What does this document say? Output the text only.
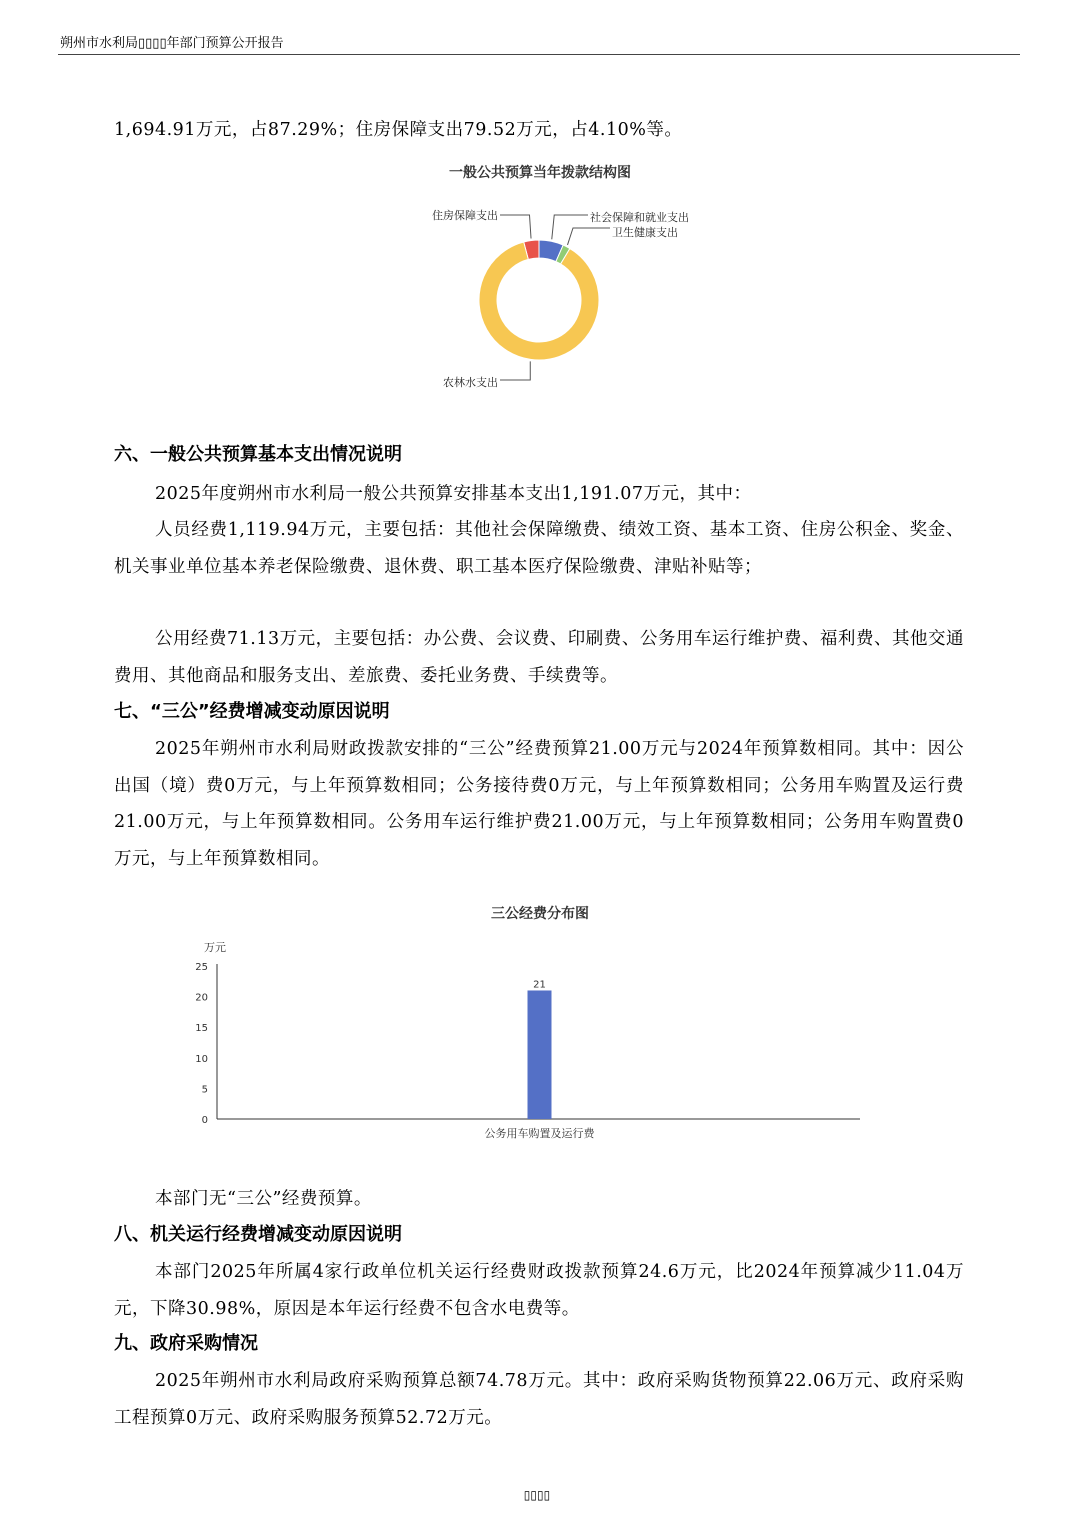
朔州市水利局▯▯▯▯年部门预算公开报告
1,694.91万元，占87.29%；住房保障支出79.52万元，占4.10%等。
一般公共预算当年拨款结构图
农林水支出
住房保障支出	社会保障和就业支出
卫生健康支出
六、一般公共预算基本支出情况说明
2025年度朔州市水利局一般公共预算安排基本支出1,191.07万元，其中：
人员经费1,119.94万元，主要包括：其他社会保障缴费、绩效工资、基本工资、住房公积金、奖金、机关事业单位基本养老保险缴费、退休费、职工基本医疗保险缴费、津贴补贴等；
公用经费71.13万元，主要包括：办公费、会议费、印刷费、公务用车运行维护费、福利费、其他交通费用、其他商品和服务支出、差旅费、委托业务费、手续费等。
七、“三公”经费增减变动原因说明
2025年朔州市水利局财政拨款安排的“三公”经费预算21.00万元与2024年预算数相同。其中：因公出国（境）费0万元，与上年预算数相同；公务接待费0万元，与上年预算数相同；公务用车购置及运行费21.00万元，与上年预算数相同。公务用车运行维护费21.00万元，与上年预算数相同；公务用车购置费0万元，与上年预算数相同。
三公经费分布图
万元
0
5
10
15
20
25
21
公务用车购置及运行费
本部门无“三公”经费预算。
八、机关运行经费增减变动原因说明
本部门2025年所属4家行政单位机关运行经费财政拨款预算24.6万元，比2024年预算减少11.04万元，下降30.98%，原因是本年运行经费不包含水电费等。
九、政府采购情况
2025年朔州市水利局政府采购预算总额74.78万元。其中：政府采购货物预算22.06万元、政府采购工程预算0万元、政府采购服务预算52.72万元。
▯▯▯▯
